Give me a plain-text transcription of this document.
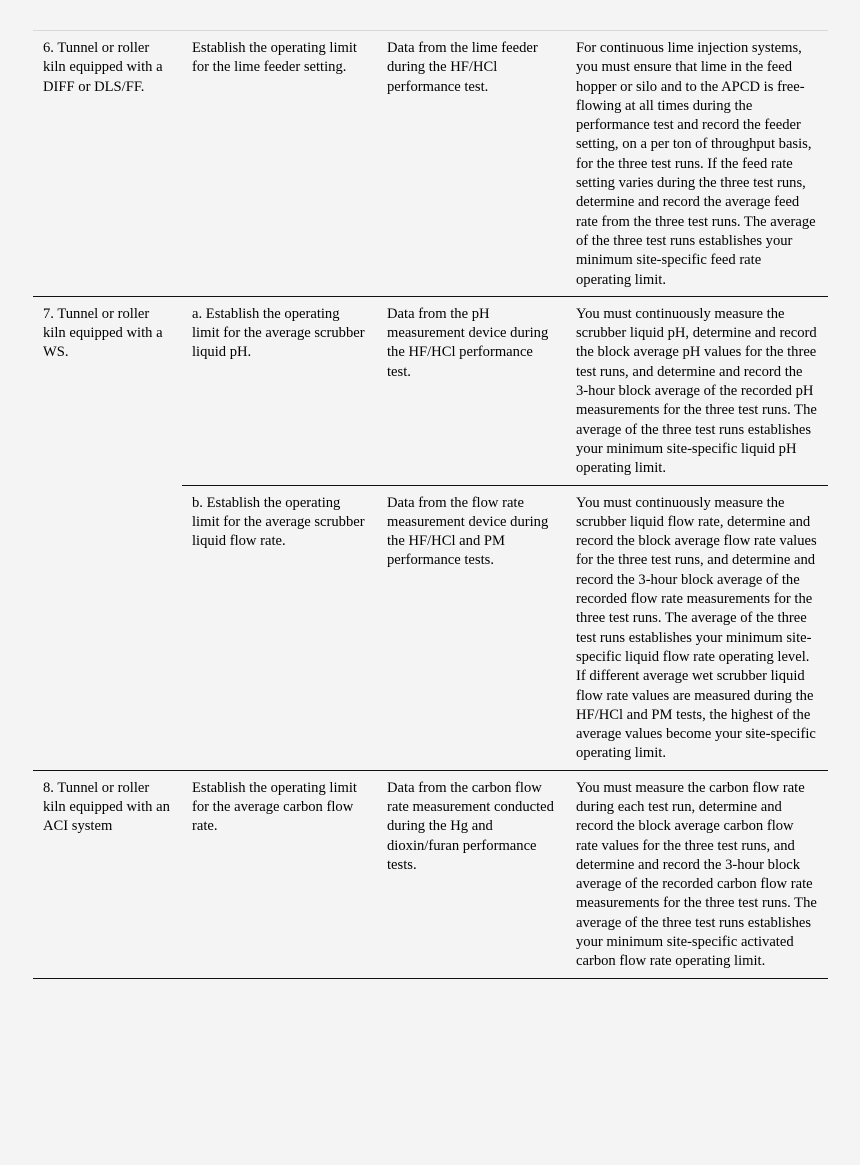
6. Tunnel or roller kiln equipped with a DIFF or DLS/FF.	Establish the operating limit for the lime feeder setting.	Data from the lime feeder during the HF/HCl performance test.	For continuous lime injection systems, you must ensure that lime in the feed hopper or silo and to the APCD is free-flowing at all times during the performance test and record the feeder setting, on a per ton of throughput basis, for the three test runs. If the feed rate setting varies during the three test runs, determine and record the average feed rate from the three test runs. The average of the three test runs establishes your minimum site-specific feed rate operating limit.

7. Tunnel or roller kiln equipped with a WS.	a. Establish the operating limit for the average scrubber liquid pH.	Data from the pH measurement device during the HF/HCl performance test.	You must continuously measure the scrubber liquid pH, determine and record the block average pH values for the three test runs, and determine and record the 3-hour block average of the recorded pH measurements for the three test runs. The average of the three test runs establishes your minimum site-specific liquid pH operating limit.

	b. Establish the operating limit for the average scrubber liquid flow rate.	Data from the flow rate measurement device during the HF/HCl and PM performance tests.	You must continuously measure the scrubber liquid flow rate, determine and record the block average flow rate values for the three test runs, and determine and record the 3-hour block average of the recorded flow rate measurements for the three test runs. The average of the three test runs establishes your minimum site-specific liquid flow rate operating level. If different average wet scrubber liquid flow rate values are measured during the HF/HCl and PM tests, the highest of the average values become your site-specific operating limit.

8. Tunnel or roller kiln equipped with an ACI system	Establish the operating limit for the average carbon flow rate.	Data from the carbon flow rate measurement conducted during the Hg and dioxin/furan performance tests.	You must measure the carbon flow rate during each test run, determine and record the block average carbon flow rate values for the three test runs, and determine and record the 3-hour block average of the recorded carbon flow rate measurements for the three test runs. The average of the three test runs establishes your minimum site-specific activated carbon flow rate operating limit.
